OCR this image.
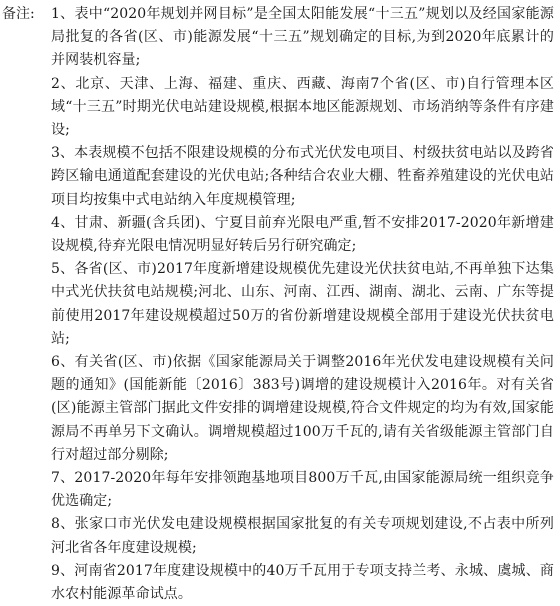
备注: 1、表中“2020年规划并网目标”是全国太阳能发展“十三五”规划以及经国家能源局批复的各省(区、市)能源发展“十三五”规划确定的目标,为到2020年底累计的并网装机容量;
2、北京、天津、上海、福建、重庆、西藏、海南7个省(区、市)自行管理本区域“十三五”时期光伏电站建设规模,根据本地区能源规划、市场消纳等条件有序建设;
3、本表规模不包括不限建设规模的分布式光伏发电项目、村级扶贫电站以及跨省跨区输电通道配套建设的光伏电站;各种结合农业大棚、牲畜养殖建设的光伏电站项目均按集中式电站纳入年度规模管理;
4、甘肃、新疆(含兵团)、宁夏目前弃光限电严重,暂不安排2017-2020年新增建设规模,待弃光限电情况明显好转后另行研究确定;
5、各省(区、市)2017年度新增建设规模优先建设光伏扶贫电站,不再单独下达集中式光伏扶贫电站规模;河北、山东、河南、江西、湖南、湖北、云南、广东等提前使用2017年建设规模超过50万的省份新增建设规模全部用于建设光伏扶贫电站;
6、有关省(区、市)依据《国家能源局关于调整2016年光伏发电建设规模有关问题的通知》(国能新能〔2016〕383号)调增的建设规模计入2016年。对有关省(区)能源主管部门据此文件安排的调增建设规模,符合文件规定的均为有效,国家能源局不再单另下文确认。调增规模超过100万千瓦的,请有关省级能源主管部门自行对超过部分剔除;
7、2017-2020年每年安排领跑基地项目800万千瓦,由国家能源局统一组织竞争优选确定;
8、张家口市光伏发电建设规模根据国家批复的有关专项规划建设,不占表中所列河北省各年度建设规模;
9、河南省2017年度建设规模中的40万千瓦用于专项支持兰考、永城、虞城、商水农村能源革命试点。
